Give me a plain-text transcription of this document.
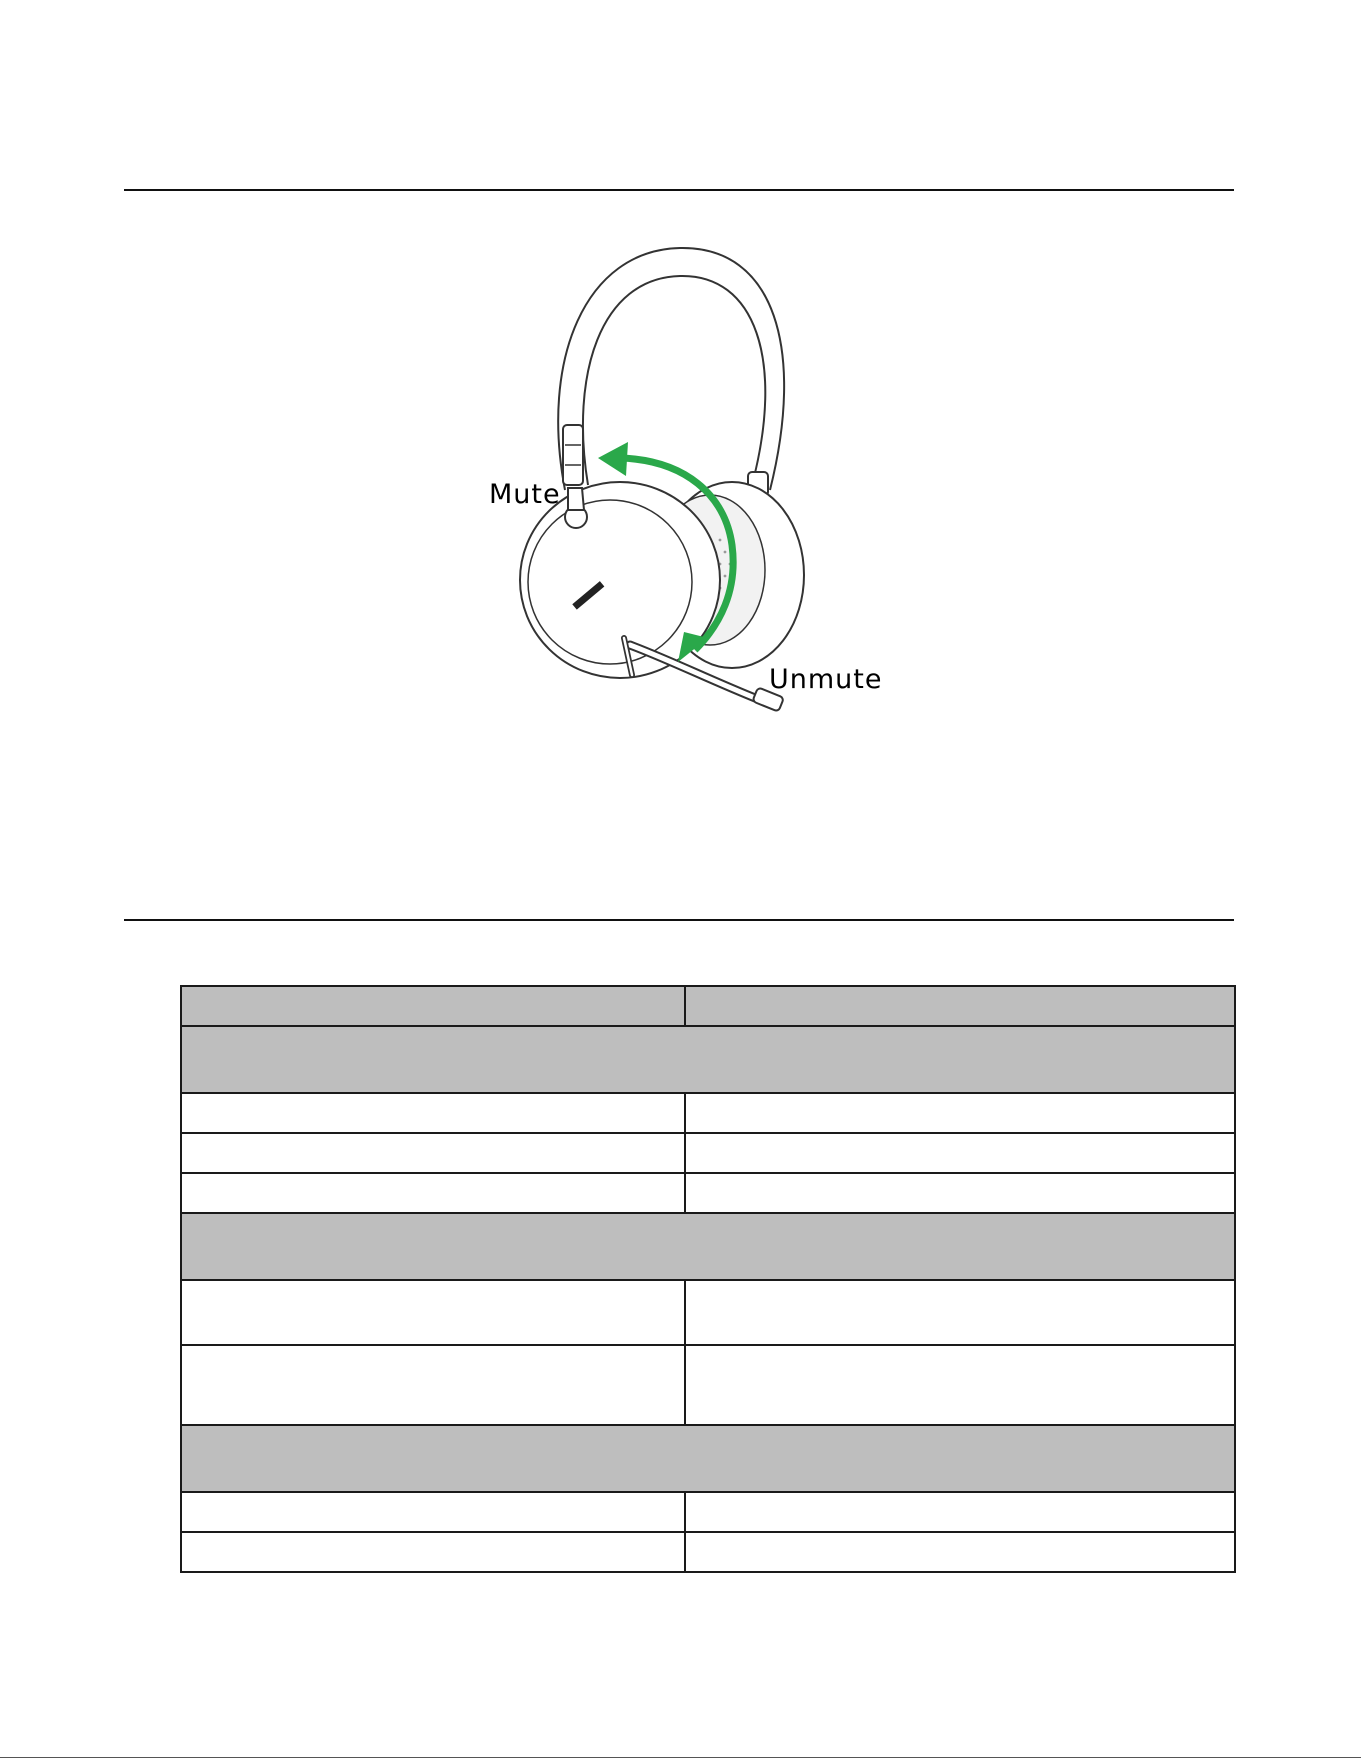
Mute
Unmute
